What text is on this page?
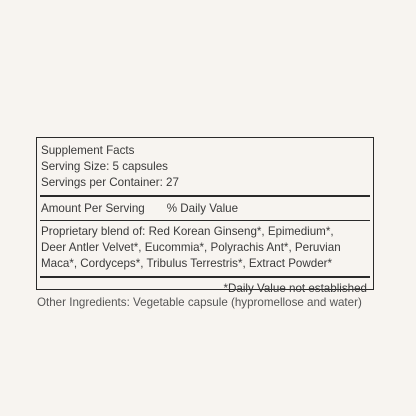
Supplement Facts
Serving Size: 5 capsules
Servings per Container: 27
Amount Per Serving % Daily Value
Proprietary blend of: Red Korean Ginseng*, Epimedium*,
Deer Antler Velvet*, Eucommia*, Polyrachis Ant*, Peruvian
Maca*, Cordyceps*, Tribulus Terrestris*, Extract Powder*
*Daily Value not established
Other Ingredients: Vegetable capsule (hypromellose and water)
